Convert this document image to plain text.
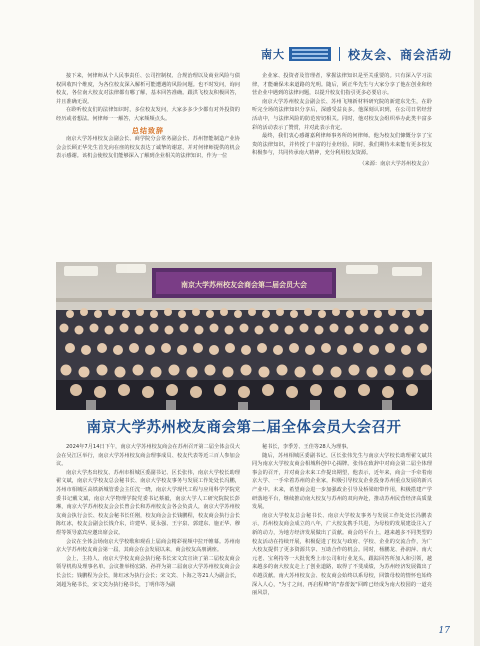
南大	校友会、商会活动

接下来，何律师从个人民事责任、公司控制权、合规治理以及商业风险与债权回收四个维度，为各位校友深入解析可能遭遇的风险问题。也不时发问，询问校友，各位南大校友对法律都有哪了解，基本回答准确。跟洪飞校友积极回答，并且准确无误。

在聆听校友们的法律知识时，多位校友发问，大家多多少少都有对外投资的经历或者想法。何律师一一解答，大家频频点头。

总结致辞

南京大学苏州校友会副会长、商学院分会常务副会长、苏州智能制造产业协会会长顾正华先生首先向在座的校友表达了诚挚的谢意，并对何律师提供的机会表示感谢。该机会使校友们能够深入了解到企业相关的法律知识，作为一位

企业家、投资者及管理者，掌握法律知识是至关重要的。只有深入学习法律，才能确保未来道路的光明。随后，顾正华先生与大家分享了他在创业和经营企业中遇到的法律问题，以提升校友们指引更多必要启示。

南京大学苏州校友会副会长、苏州飞翔新材料研究院的新建东先生，在聆听完全场的法律知识分享后，深感受益良多。他深刻认识到，在公司日常经营活动中，与法律风险的防范密切相关。同时，他对校友会组织举办此类丰富多彩的活动表示了赞赏，并对此表示肯定。

最终，我们衷心感谢嘉利律师事务所的何律师。他为校友们慷慨分享了宝贵的法律知识，并传授了丰富的行业经验。同时，我们期待未来能有更多校友积极参与，共同传承南大精神，充分利用校友资源。

（来源：南京大学苏州校友会）

南京大学苏州校友会商会第二届会员大会
南京大学苏州校友商会第二届全体会员大会召开

2024年7月14日下午，南京大学苏州校友商会在苏州召开第二届全体会员大会在吴江区举行，南京大学苏州校友商会理事成员、校友代表等近三百人参加会议。

南京大学杰出校友、苏州市相城区委副书记、区长张伟，南京大学校长助理翟文斌，南京大学校友总会秘书长、南京大学校友事务与发展工作处处长冯鹏，苏州市相城区高铁新城管委会主任沈一晓，南京大学现代工程与应用科学学院党委书记戴文斌，南京大学物理学院党委书记蔡毅，南京大学人工研究院院长彭琳，南京大学苏州校友会会长曾会长和苏州校友会各会负责人，南京大学苏州校友商会执行会长、校友会秘书长任刚，校友商会会长钱鹏程，校友商会执行会长陈红冰，校友会副会长钱介东，许建华、夏永强、王宇泉、郭建东、施正华、穆煜等领导嘉宾应邀出席会议。

会议在全体会场南京大学校歌和观看上届商会精彩视频中拉开帷幕。苏州南京大学苏州校友商会第一届，其商会在会发展以来，商会校友高朋满座。

会上，主持人、南京大学校友商会执行秘书长宋文宾宣读了第二届校友商会领导机构及理事名单。会议推举杨宏路、孙祥为第二届南京大学苏州校友商会会长会长；钱鹏程为会长，陈红冰为执行会长；宋文宾、卜海之等21人为副会长，刘超为秘书长，宋文宾为执行秘书长，丁明伟等为副

秘书长，李季芳、王佳等28人为理事。

随后，苏州相城区委副书记、区长张伟先生与南京大学校长助理翟文斌共同为南京大学校友商会相城科创中心揭牌。张伟在致辞中对商会第二届全体理事会的召开，并对商会未来工作提出期望，他表示，近年来，商会一手牵着南京大学、一手牵着苏州的企业家，积极引导校友企业投身苏州重点发展的新兴产业中。未来，希望商会进一步加强政企引导及桥梁纽带作用，积极搭建产学研落地平台，继续推动南大校友与苏州的双向奔赴，推动苏州民营经济高质量发展。

南京大学校友总会秘书长、南京大学校友事务与发展工作处处长冯鹏表示，苏州校友商会成立的八年，广大校友携手共进，为母校的发展建设注入了新的动力，为地方经济发展做出了贡献。商会的平台上，越来越多不同类型的校友活动在持续开展，积极促进了校友与政府、学校、企业的交流合作，为广大校友提供了更多资源共享、互助合作的机会。同时，杨鹏龙、孙润萍、南大元老、宝利持等一大批优秀上市公司和行业龙头，跟踪回答所加入和引领，越来越多的南大校友走上了创业道路，取得了不斐成绩，为苏州经济发展做出了卓越贡献。南大苏州校友会、校友商会始终以系母校，回馈母校的情怀也始终深入人心，"为寸之间，再启程峰"的"春蕾轰"回眸已经成为南大校园的一道亮丽风景，

17
